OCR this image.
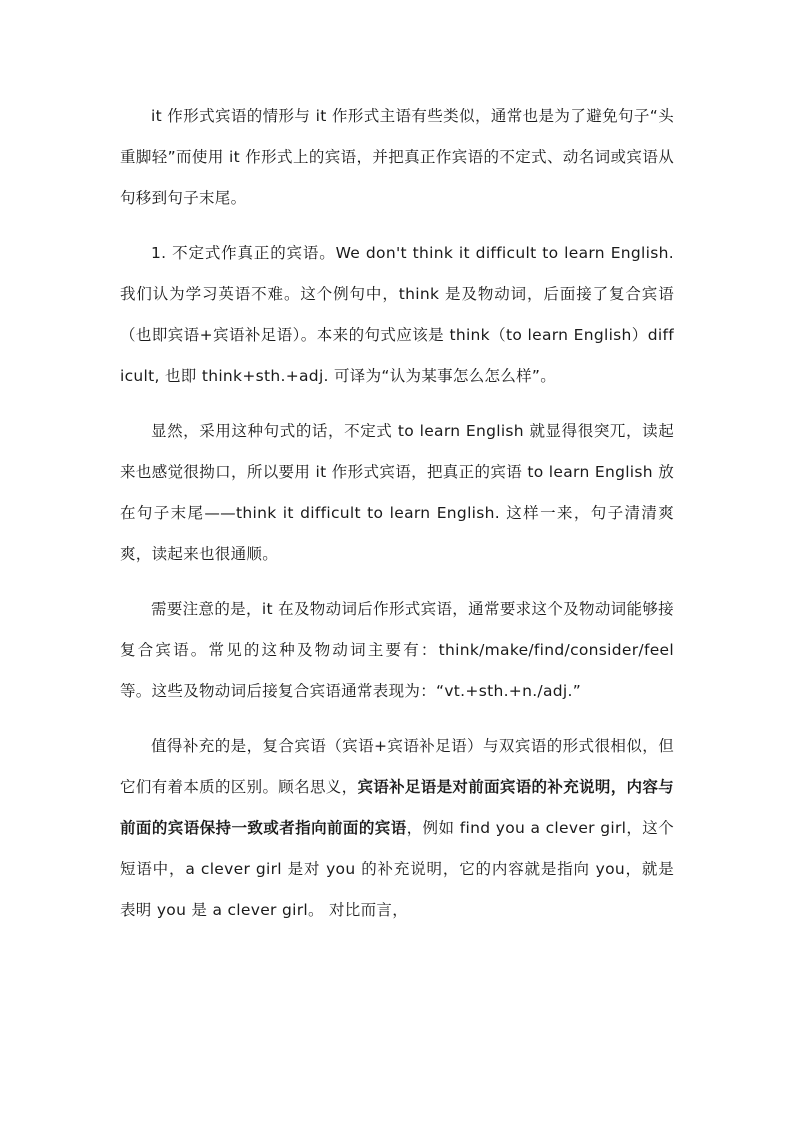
it 作形式宾语的情形与 it 作形式主语有些类似，通常也是为了避免句子“头重脚轻”而使用 it 作形式上的宾语，并把真正作宾语的不定式、动名词或宾语从句移到句子末尾。

1. 不定式作真正的宾语。We don't think it difficult to learn English. 我们认为学习英语不难。这个例句中，think 是及物动词，后面接了复合宾语（也即宾语+宾语补足语）。本来的句式应该是 think（to learn English）difficult, 也即 think+sth.+adj. 可译为“认为某事怎么怎么样”。

显然，采用这种句式的话，不定式 to learn English 就显得很突兀，读起来也感觉很拗口，所以要用 it 作形式宾语，把真正的宾语 to learn English 放在句子末尾——think it difficult to learn English. 这样一来，句子清清爽爽，读起来也很通顺。

需要注意的是，it 在及物动词后作形式宾语，通常要求这个及物动词能够接复合宾语。常见的这种及物动词主要有：think/make/find/consider/feel 等。这些及物动词后接复合宾语通常表现为：“vt.+sth.+n./adj.”

值得补充的是，复合宾语（宾语+宾语补足语）与双宾语的形式很相似，但它们有着本质的区别。顾名思义，宾语补足语是对前面宾语的补充说明，内容与前面的宾语保持一致或者指向前面的宾语，例如 find you a clever girl，这个短语中，a clever girl 是对 you 的补充说明，它的内容就是指向 you，就是表明 you 是 a clever girl。 对比而言，
